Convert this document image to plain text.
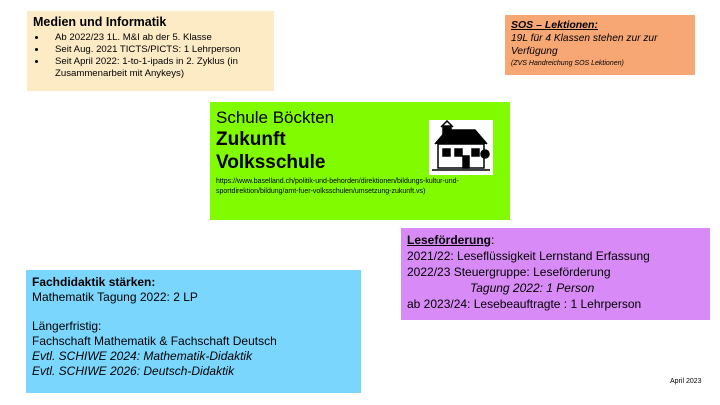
Medien und Informatik
• Ab 2022/23 1L. M&I ab der 5. Klasse
• Seit Aug. 2021 TICTS/PICTS: 1 Lehrperson
• Seit April 2022: 1-to-1-ipads in 2. Zyklus (in Zusammenarbeit mit Anykeys)
SOS – Lektionen:
19L für 4 Klassen stehen zur zur Verfügung
(ZVS Handreichung SOS Lektionen)
Schule Böckten
Zukunft
Volksschule
https://www.baselland.ch/politik-und-behorden/direktionen/bildungs-kultur-und-sportdirektion/bildung/amt-fuer-volksschulen/umsetzung-zukunft.vs)
Leseförderung:
2021/22: Leseflüssigkeit Lernstand Erfassung
2022/23 Steuergruppe: Leseförderung
Tagung 2022: 1 Person
ab 2023/24: Lesebeauftragte : 1 Lehrperson
Fachdidaktik stärken:
Mathematik Tagung 2022: 2 LP
Längerfristig:
Fachschaft Mathematik & Fachschaft Deutsch
Evtl. SCHIWE 2024: Mathematik-Didaktik
Evtl. SCHIWE 2026: Deutsch-Didaktik
April 2023
